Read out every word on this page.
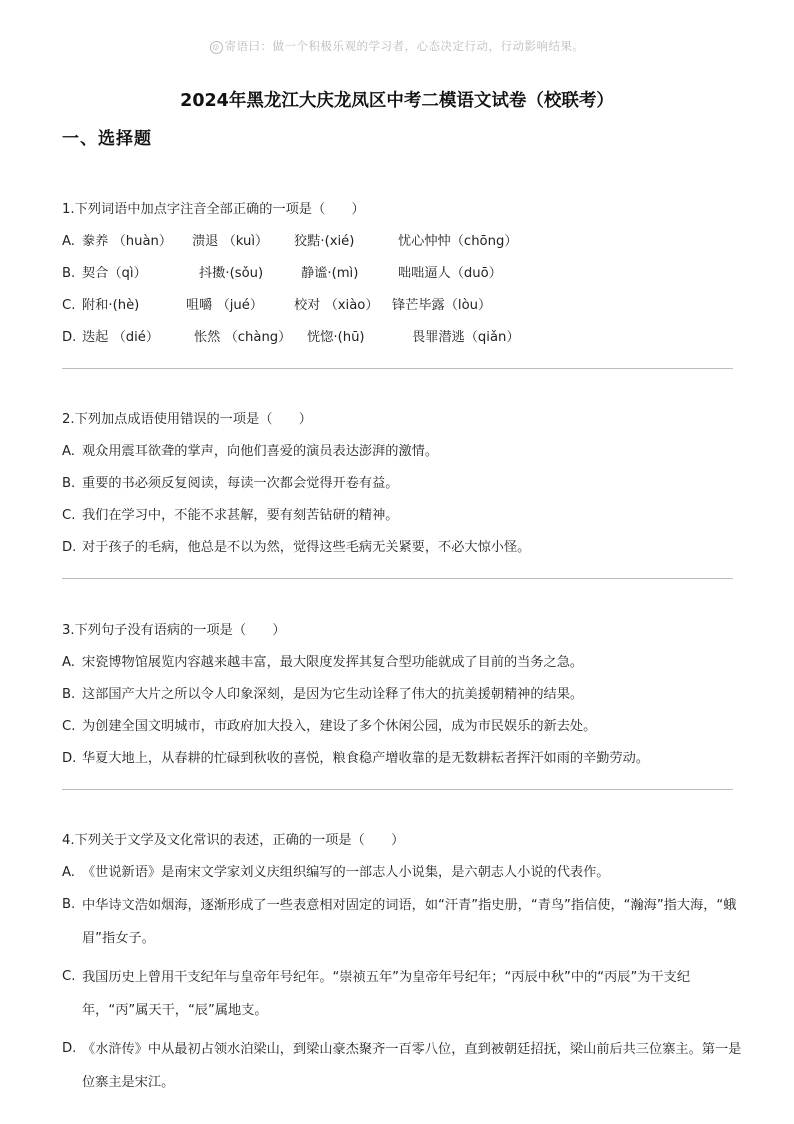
☺ 寄语曰：做一个积极乐观的学习者，心态决定行动，行动影响结果。
2024年黑龙江大庆龙凤区中考二模语文试卷（校联考）
一、选择题

1.下列词语中加点字注音全部正确的一项是（　　）

A. 豢养 （huàn） 溃退 （kuì） 狡黠·(xié)	忧心忡忡（chōng）
B. 契合（qì）	抖擞·(sǒu)	静谧·(mì)	咄咄逼人（duō）
C. 附和·(hè)	咀嚼 （jué） 校对 （xiào） 锋芒毕露（lòu）
D. 迭起 （dié）	怅然 （chàng） 恍惚·(hū)	畏罪潜逃（qiǎn）

2.下列加点成语使用错误的一项是（　　）

A. 观众用震耳欲聋的掌声，向他们喜爱的演员表达澎湃的激情。
B. 重要的书必须反复阅读，每读一次都会觉得开卷有益。
C. 我们在学习中，不能不求甚解，要有刻苦钻研的精神。
D. 对于孩子的毛病，他总是不以为然，觉得这些毛病无关紧要，不必大惊小怪。

3.下列句子没有语病的一项是（　　）

A. 宋瓷博物馆展览内容越来越丰富，最大限度发挥其复合型功能就成了目前的当务之急。
B. 这部国产大片之所以令人印象深刻，是因为它生动诠释了伟大的抗美援朝精神的结果。
C. 为创建全国文明城市，市政府加大投入，建设了多个休闲公园，成为市民娱乐的新去处。
D. 华夏大地上，从春耕的忙碌到秋收的喜悦，粮食稳产增收靠的是无数耕耘者挥汗如雨的辛勤劳动。

4.下列关于文学及文化常识的表述，正确的一项是（　　）

A. 《世说新语》是南宋文学家刘义庆组织编写的一部志人小说集，是六朝志人小说的代表作。
B. 中华诗文浩如烟海，逐渐形成了一些表意相对固定的词语，如“汗青”指史册，“青鸟”指信使，“瀚海”指大海，“蛾眉”指女子。
C. 我国历史上曾用干支纪年与皇帝年号纪年。“崇祯五年”为皇帝年号纪年；“丙辰中秋”中的“丙辰”为干支纪年，“丙”属天干，“辰”属地支。
D. 《水浒传》中从最初占领水泊梁山，到梁山豪杰聚齐一百零八位，直到被朝廷招抚，梁山前后共三位寨主。第一是位寨主是宋江。
